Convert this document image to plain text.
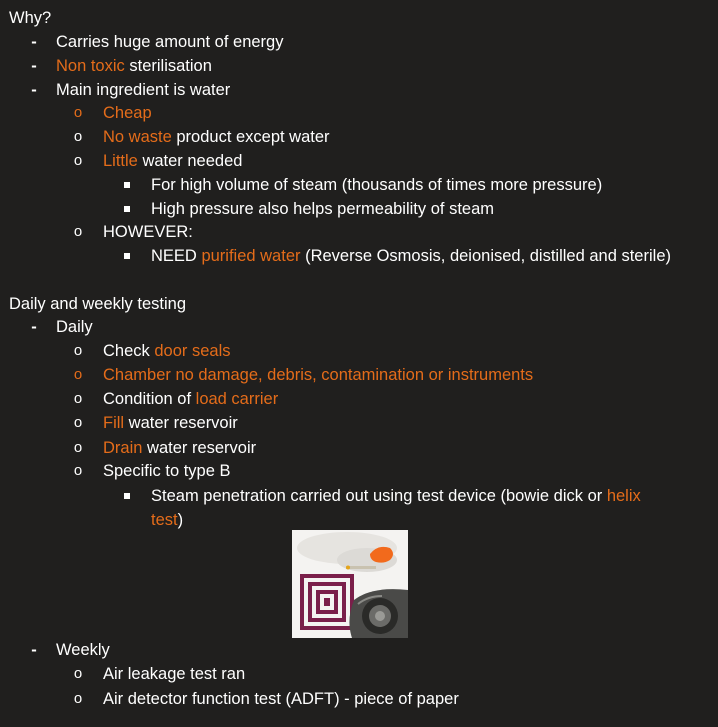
Why?
- Carries huge amount of energy
- Non toxic sterilisation
- Main ingredient is water
o Cheap
o No waste product except water
o Little water needed
For high volume of steam (thousands of times more pressure)
High pressure also helps permeability of steam
o HOWEVER:
NEED purified water (Reverse Osmosis, deionised, distilled and sterile)
Daily and weekly testing
- Daily
o Check door seals
o Chamber no damage, debris, contamination or instruments
o Condition of load carrier
o Fill water reservoir
o Drain water reservoir
o Specific to type B
Steam penetration carried out using test device (bowie dick or helix
test)
- Weekly
o Air leakage test ran
o Air detector function test (ADFT) - piece of paper
